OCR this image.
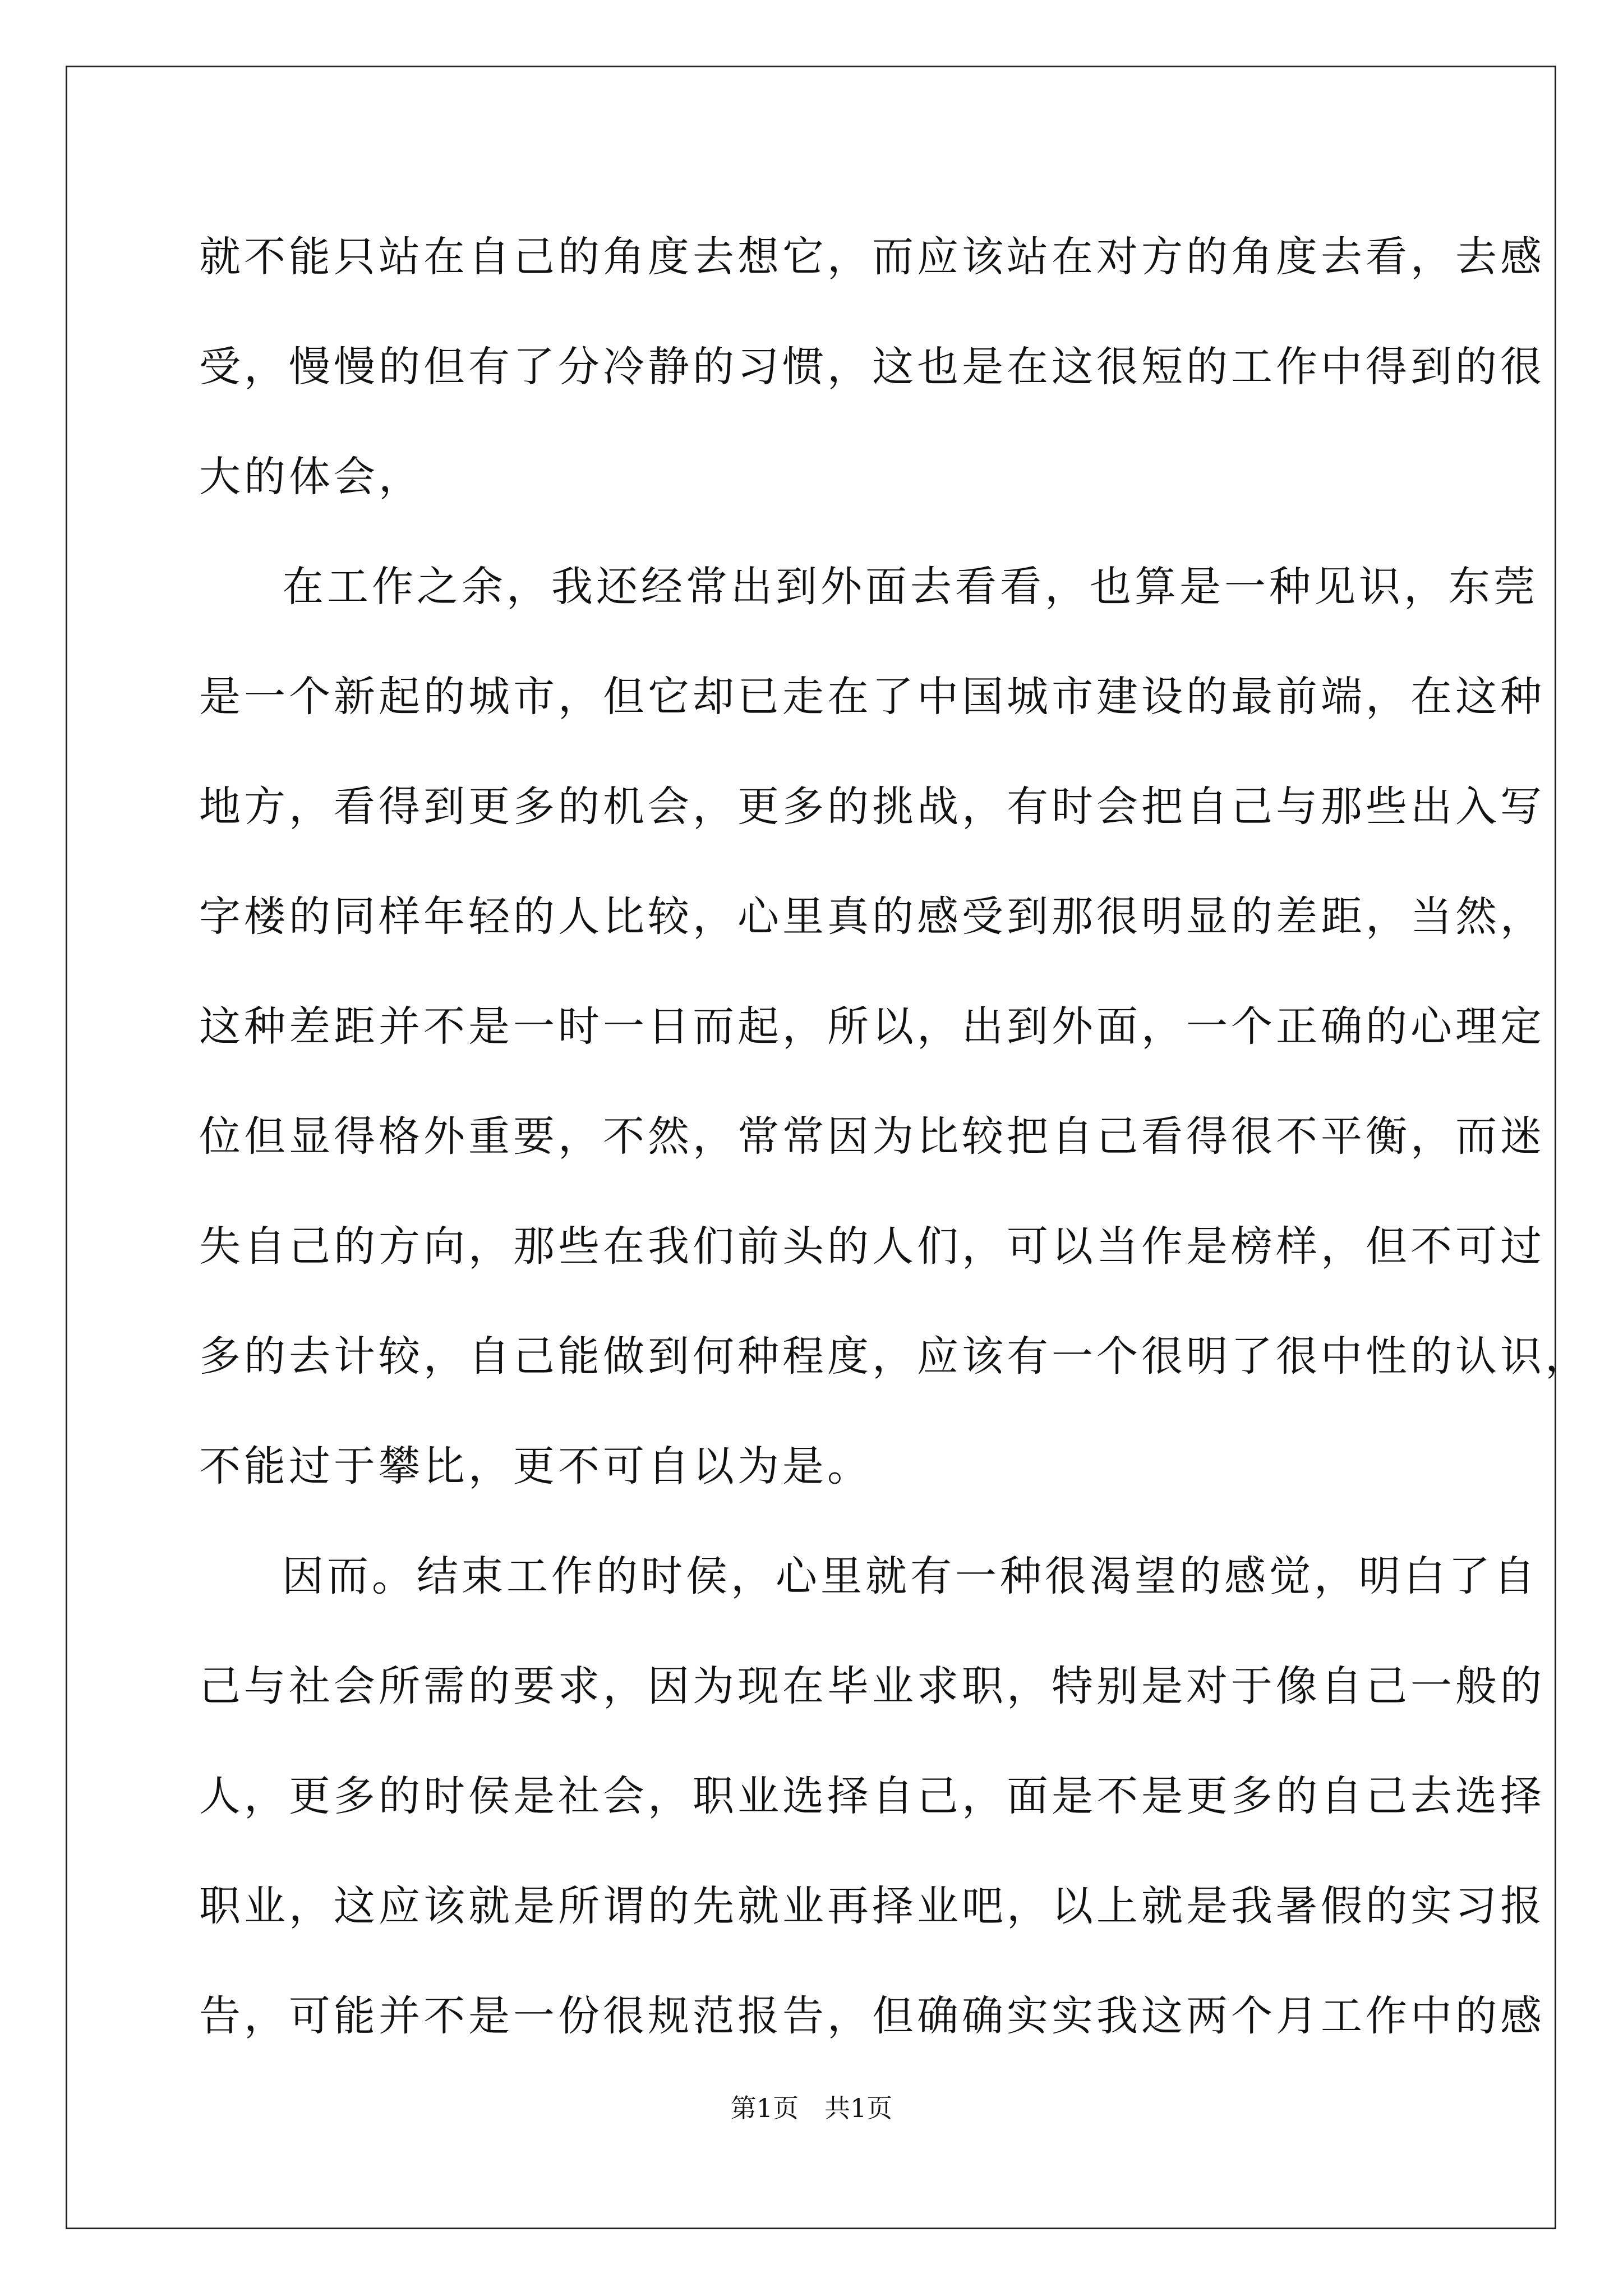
就不能只站在自己的角度去想它，而应该站在对方的角度去看，去感
受，慢慢的但有了分冷静的习惯，这也是在这很短的工作中得到的很
大的体会，
在工作之余，我还经常出到外面去看看，也算是一种见识，东莞
是一个新起的城市，但它却已走在了中国城市建设的最前端，在这种
地方，看得到更多的机会，更多的挑战，有时会把自己与那些出入写
字楼的同样年轻的人比较，心里真的感受到那很明显的差距，当然，
这种差距并不是一时一日而起，所以，出到外面，一个正确的心理定
位但显得格外重要，不然，常常因为比较把自己看得很不平衡，而迷
失自己的方向，那些在我们前头的人们，可以当作是榜样，但不可过
多的去计较，自己能做到何种程度，应该有一个很明了很中性的认识，
不能过于攀比，更不可自以为是。
因而。结束工作的时侯，心里就有一种很渴望的感觉，明白了自
己与社会所需的要求，因为现在毕业求职，特别是对于像自己一般的
人，更多的时侯是社会，职业选择自己，面是不是更多的自己去选择
职业，这应该就是所谓的先就业再择业吧，以上就是我暑假的实习报
告，可能并不是一份很规范报告，但确确实实我这两个月工作中的感
第1页 共1页
